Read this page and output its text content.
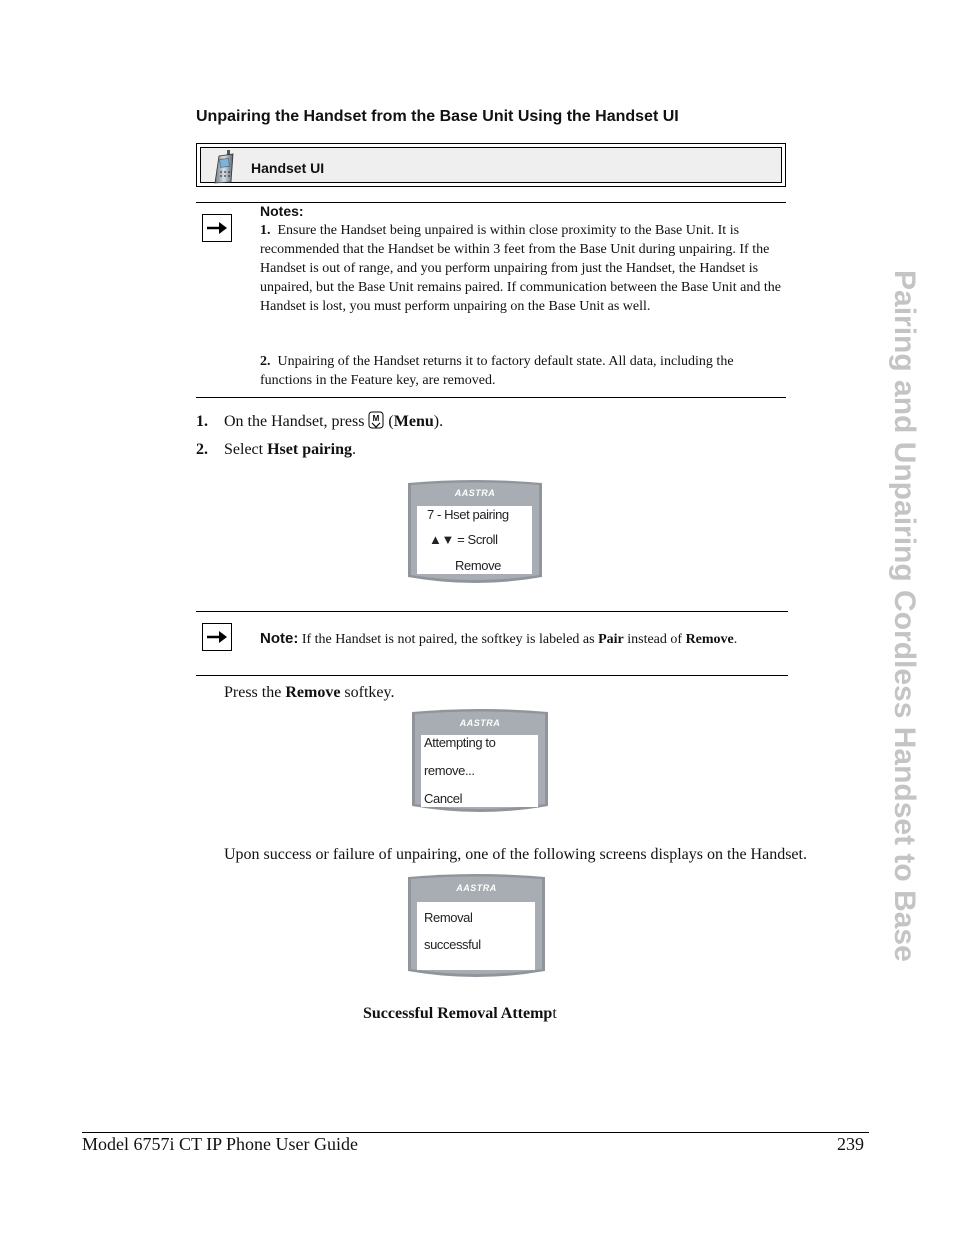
Unpairing the Handset from the Base Unit Using the Handset UI
Handset UI
Notes:
1. Ensure the Handset being unpaired is within close proximity to the Base Unit. It is recommended that the Handset be within 3 feet from the Base Unit during unpairing. If the Handset is out of range, and you perform unpairing from just the Handset, the Handset is unpaired, but the Base Unit remains paired. If communication between the Base Unit and the Handset is lost, you must perform unpairing on the Base Unit as well.
2. Unpairing of the Handset returns it to factory default state. All data, including the functions in the Feature key, are removed.
1. On the Handset, press M (Menu).
2. Select Hset pairing.
AASTRA
7 - Hset pairing
▲▼ = Scroll
Remove
Note: If the Handset is not paired, the softkey is labeled as Pair instead of Remove.
Press the Remove softkey.
AASTRA
Attempting to
remove...
Cancel
Upon success or failure of unpairing, one of the following screens displays on the Handset.
AASTRA
Removal
successful
Successful Removal Attempt
Pairing and Unpairing Cordless Handset to Base
Model 6757i CT IP Phone User Guide	239
